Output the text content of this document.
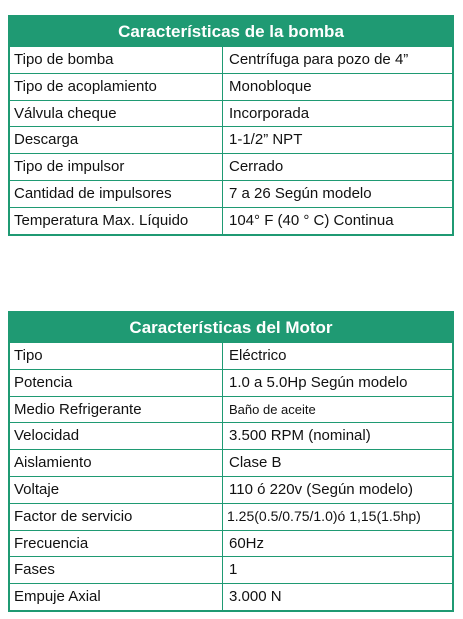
Características de la bomba
Tipo de bomba	Centrífuga para pozo de 4”
Tipo de acoplamiento	Monobloque
Válvula cheque	Incorporada
Descarga	1-1/2” NPT
Tipo de impulsor	Cerrado
Cantidad de impulsores	7 a 26 Según modelo
Temperatura Max. Líquido	104° F (40 ° C) Continua
Características del Motor
Tipo	Eléctrico
Potencia	1.0 a 5.0Hp Según modelo
Medio Refrigerante	Baño de aceite
Velocidad	3.500 RPM (nominal)
Aislamiento	Clase B
Voltaje	110 ó 220v (Según modelo)
Factor de servicio	1.25(0.5/0.75/1.0)ó 1,15(1.5hp)
Frecuencia	60Hz
Fases	1
Empuje Axial	3.000 N
